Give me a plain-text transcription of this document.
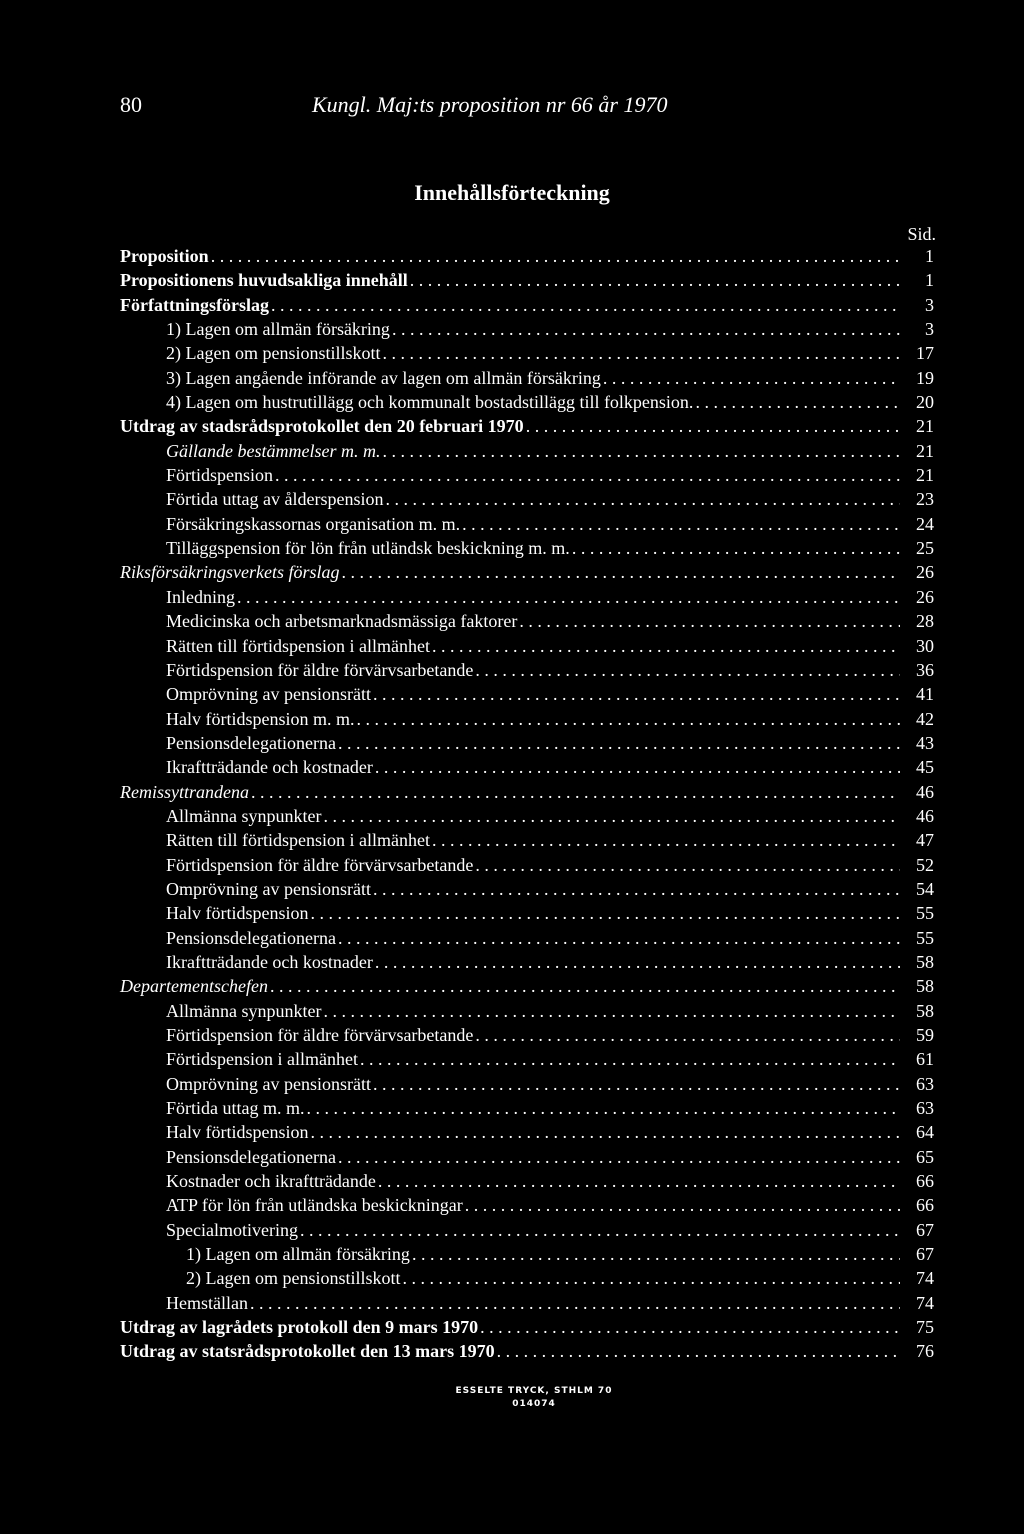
80	Kungl. Maj:ts proposition nr 66 år 1970
Innehållsförteckning
Sid.
Proposition . . .	1
Propositionens huvudsakliga innehåll . . .	1
Författningsförslag . . .	3
1) Lagen om allmän försäkring . . .	3
2) Lagen om pensionstillskott . . .	17
3) Lagen angående införande av lagen om allmän försäkring . . .	19
4) Lagen om hustrutillägg och kommunalt bostadstillägg till folkpension. . . .	20
Utdrag av stadsrådsprotokollet den 20 februari 1970 . . .	21
Gällande bestämmelser m. m. . . .	21
Förtidspension . . .	21
Förtida uttag av ålderspension . . .	23
Försäkringskassornas organisation m. m. . . .	24
Tilläggspension för lön från utländsk beskickning m. m. . . .	25
Riksförsäkringsverkets förslag . . .	26
Inledning . . .	26
Medicinska och arbetsmarknadsmässiga faktorer . . .	28
Rätten till förtidspension i allmänhet . . .	30
Förtidspension för äldre förvärvsarbetande . . .	36
Omprövning av pensionsrätt . . .	41
Halv förtidspension m. m. . . .	42
Pensionsdelegationerna . . .	43
Ikraftträdande och kostnader . . .	45
Remissyttrandena . . .	46
Allmänna synpunkter . . .	46
Rätten till förtidspension i allmänhet . . .	47
Förtidspension för äldre förvärvsarbetande . . .	52
Omprövning av pensionsrätt . . .	54
Halv förtidspension . . .	55
Pensionsdelegationerna . . .	55
Ikraftträdande och kostnader . . .	58
Departementschefen . . .	58
Allmänna synpunkter . . .	58
Förtidspension för äldre förvärvsarbetande . . .	59
Förtidspension i allmänhet . . .	61
Omprövning av pensionsrätt . . .	63
Förtida uttag m. m. . . .	63
Halv förtidspension . . .	64
Pensionsdelegationerna . . .	65
Kostnader och ikraftträdande . . .	66
ATP för lön från utländska beskickningar . . .	66
Specialmotivering . . .	67
1) Lagen om allmän försäkring . . .	67
2) Lagen om pensionstillskott . . .	74
Hemställan . . .	74
Utdrag av lagrådets protokoll den 9 mars 1970 . . .	75
Utdrag av statsrådsprotokollet den 13 mars 1970 . . .	76
ESSELTE TRYCK, STHLM 70
014074
